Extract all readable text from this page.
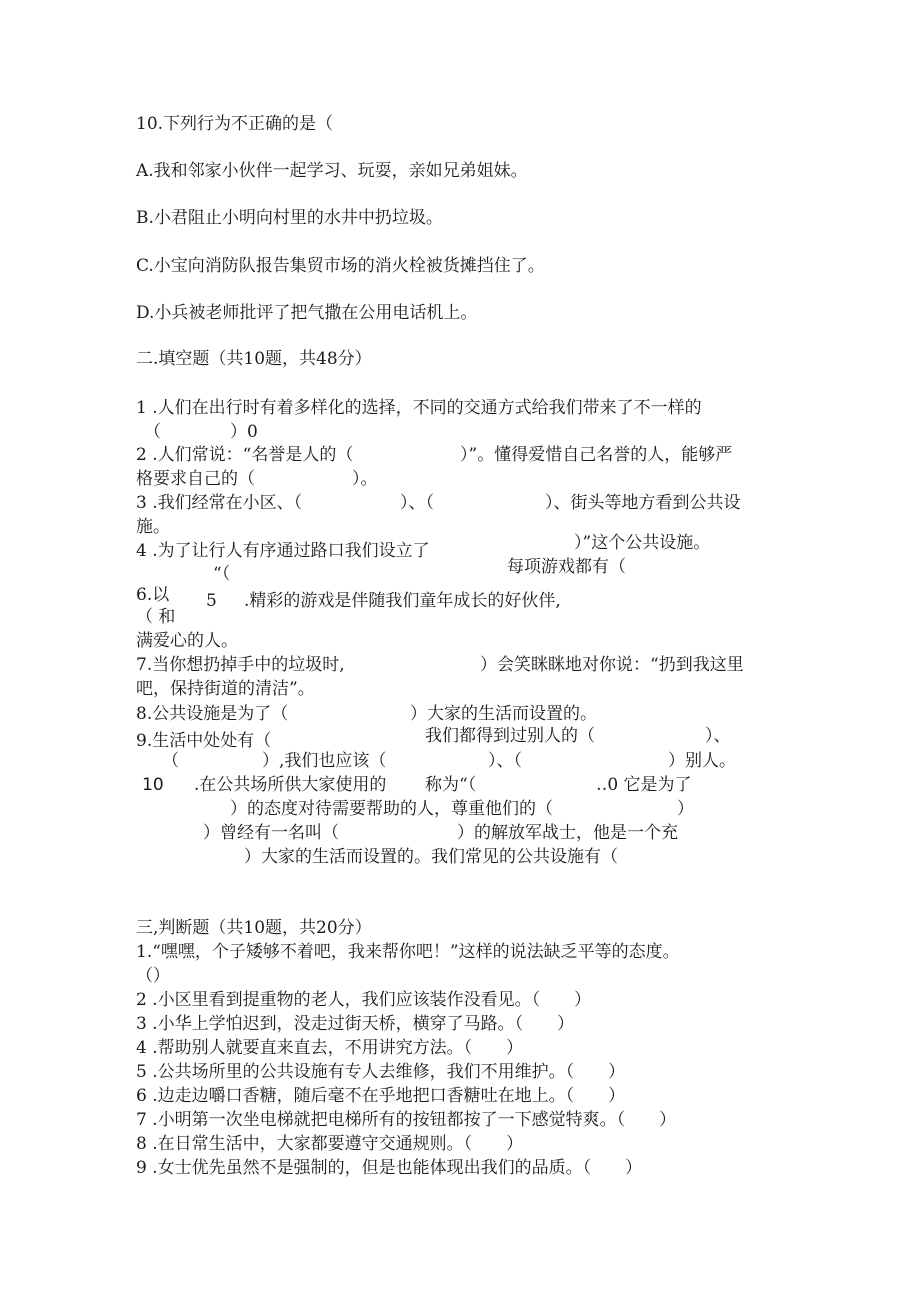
10.下列行为不正确的是（
A.我和邻家小伙伴一起学习、玩耍，亲如兄弟姐妹。
B.小君阻止小明向村里的水井中扔垃圾。
C.小宝向消防队报告集贸市场的消火栓被货摊挡住了。
D.小兵被老师批评了把气撒在公用电话机上。
二.填空题（共10题，共48分）
1 .人们在出行时有着多样化的选择，不同的交通方式给我们带来了不一样的
（	）0
2 .人们常说：“名誉是人的（	）”。懂得爱惜自己名誉的人，能够严
格要求自己的（	）。
3 .我们经常在小区、（	）、（	）、街头等地方看到公共设
施。
4 .为了让行人有序通过路口我们设立了	）”这个公共设施。
“（	每项游戏都有（
6.以 5 .精彩的游戏是伴随我们童年成长的好伙伴,
（ 和
满爱心的人。
7.当你想扔掉手中的垃圾时,	）会笑眯眯地对你说：“扔到我这里
吧，保持街道的清洁”。
8.公共设施是为了（	）大家的生活而设置的。
9.生活中处处有（	我们都得到过别人的（	）、
（	）,我们也应该（	）、（	）别人。
10 .在公共场所供大家使用的 称为“（	‥0 它是为了
）的态度对待需要帮助的人，尊重他们的（	）
）曾经有一名叫（	）的解放军战士，他是一个充
）大家的生活而设置的。我们常见的公共设施有（
三,判断题（共10题，共20分）
1.“嘿嘿，个子矮够不着吧，我来帮你吧！”这样的说法缺乏平等的态度。
（）
2 .小区里看到提重物的老人，我们应该装作没看见。（　　）
3 .小华上学怕迟到，没走过街天桥，横穿了马路。（　　）
4 .帮助别人就要直来直去，不用讲究方法。（　　）
5 .公共场所里的公共设施有专人去维修，我们不用维护。（　　）
6 .边走边嚼口香糖，随后毫不在乎地把口香糖吐在地上。（　　）
7 .小明第一次坐电梯就把电梯所有的按钮都按了一下感觉特爽。（　　）
8 .在日常生活中，大家都要遵守交通规则。（　　）
9 .女士优先虽然不是强制的，但是也能体现出我们的品质。（　　）
